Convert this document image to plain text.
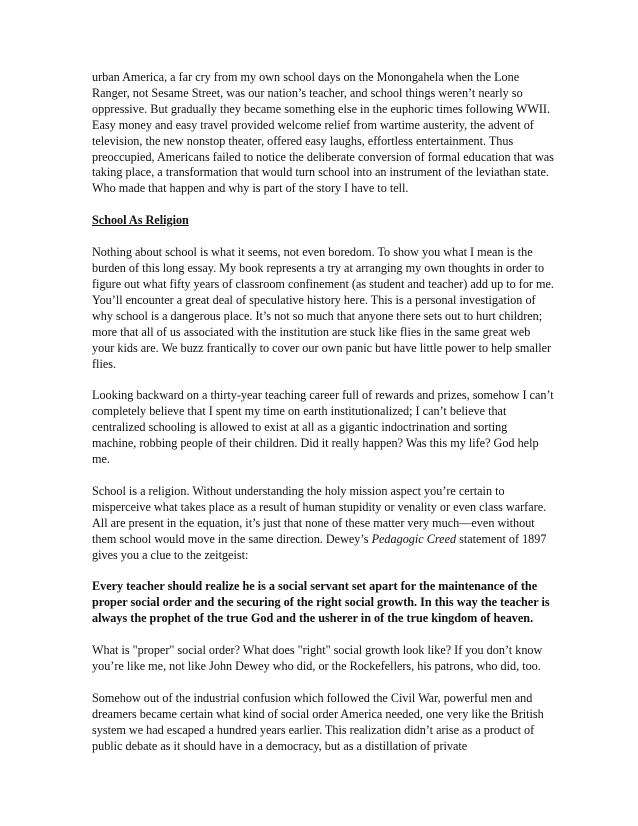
urban America, a far cry from my own school days on the Monongahela when the Lone Ranger, not Sesame Street, was our nation’s teacher, and school things weren’t nearly so oppressive. But gradually they became something else in the euphoric times following WWII. Easy money and easy travel provided welcome relief from wartime austerity, the advent of television, the new nonstop theater, offered easy laughs, effortless entertainment. Thus preoccupied, Americans failed to notice the deliberate conversion of formal education that was taking place, a transformation that would turn school into an instrument of the leviathan state. Who made that happen and why is part of the story I have to tell.

School As Religion

Nothing about school is what it seems, not even boredom. To show you what I mean is the burden of this long essay. My book represents a try at arranging my own thoughts in order to figure out what fifty years of classroom confinement (as student and teacher) add up to for me. You’ll encounter a great deal of speculative history here. This is a personal investigation of why school is a dangerous place. It’s not so much that anyone there sets out to hurt children; more that all of us associated with the institution are stuck like flies in the same great web your kids are. We buzz frantically to cover our own panic but have little power to help smaller flies.

Looking backward on a thirty-year teaching career full of rewards and prizes, somehow I can’t completely believe that I spent my time on earth institutionalized; I can’t believe that centralized schooling is allowed to exist at all as a gigantic indoctrination and sorting machine, robbing people of their children. Did it really happen? Was this my life? God help me.

School is a religion. Without understanding the holy mission aspect you’re certain to misperceive what takes place as a result of human stupidity or venality or even class warfare. All are present in the equation, it’s just that none of these matter very much—even without them school would move in the same direction. Dewey’s Pedagogic Creed statement of 1897 gives you a clue to the zeitgeist:

Every teacher should realize he is a social servant set apart for the maintenance of the proper social order and the securing of the right social growth. In this way the teacher is always the prophet of the true God and the usherer in of the true kingdom of heaven.

What is "proper" social order? What does "right" social growth look like? If you don’t know you’re like me, not like John Dewey who did, or the Rockefellers, his patrons, who did, too.

Somehow out of the industrial confusion which followed the Civil War, powerful men and dreamers became certain what kind of social order America needed, one very like the British system we had escaped a hundred years earlier. This realization didn’t arise as a product of public debate as it should have in a democracy, but as a distillation of private
